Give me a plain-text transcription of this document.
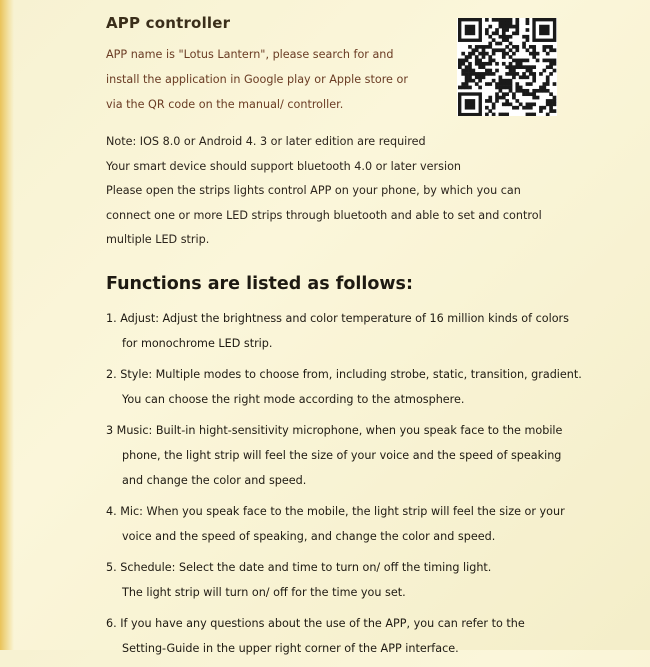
APP controller
APP name is "Lotus Lantern", please search for and
install the application in Google play or Apple store or
via the QR code on the manual/ controller.
Note: IOS 8.0 or Android 4. 3 or later edition are required
Your smart device should support bluetooth 4.0 or later version
Please open the strips lights control APP on your phone, by which you can
connect one or more LED strips through bluetooth and able to set and control
multiple LED strip.
Functions are listed as follows:
1. Adjust: Adjust the brightness and color temperature of 16 million kinds of colors
for monochrome LED strip.
2. Style: Multiple modes to choose from, including strobe, static, transition, gradient.
You can choose the right mode according to the atmosphere.
3 Music: Built-in hight-sensitivity microphone, when you speak face to the mobile
phone, the light strip will feel the size of your voice and the speed of speaking
and change the color and speed.
4. Mic: When you speak face to the mobile, the light strip will feel the size or your
voice and the speed of speaking, and change the color and speed.
5. Schedule: Select the date and time to turn on/ off the timing light.
The light strip will turn on/ off for the time you set.
6. If you have any questions about the use of the APP, you can refer to the
Setting-Guide in the upper right corner of the APP interface.
